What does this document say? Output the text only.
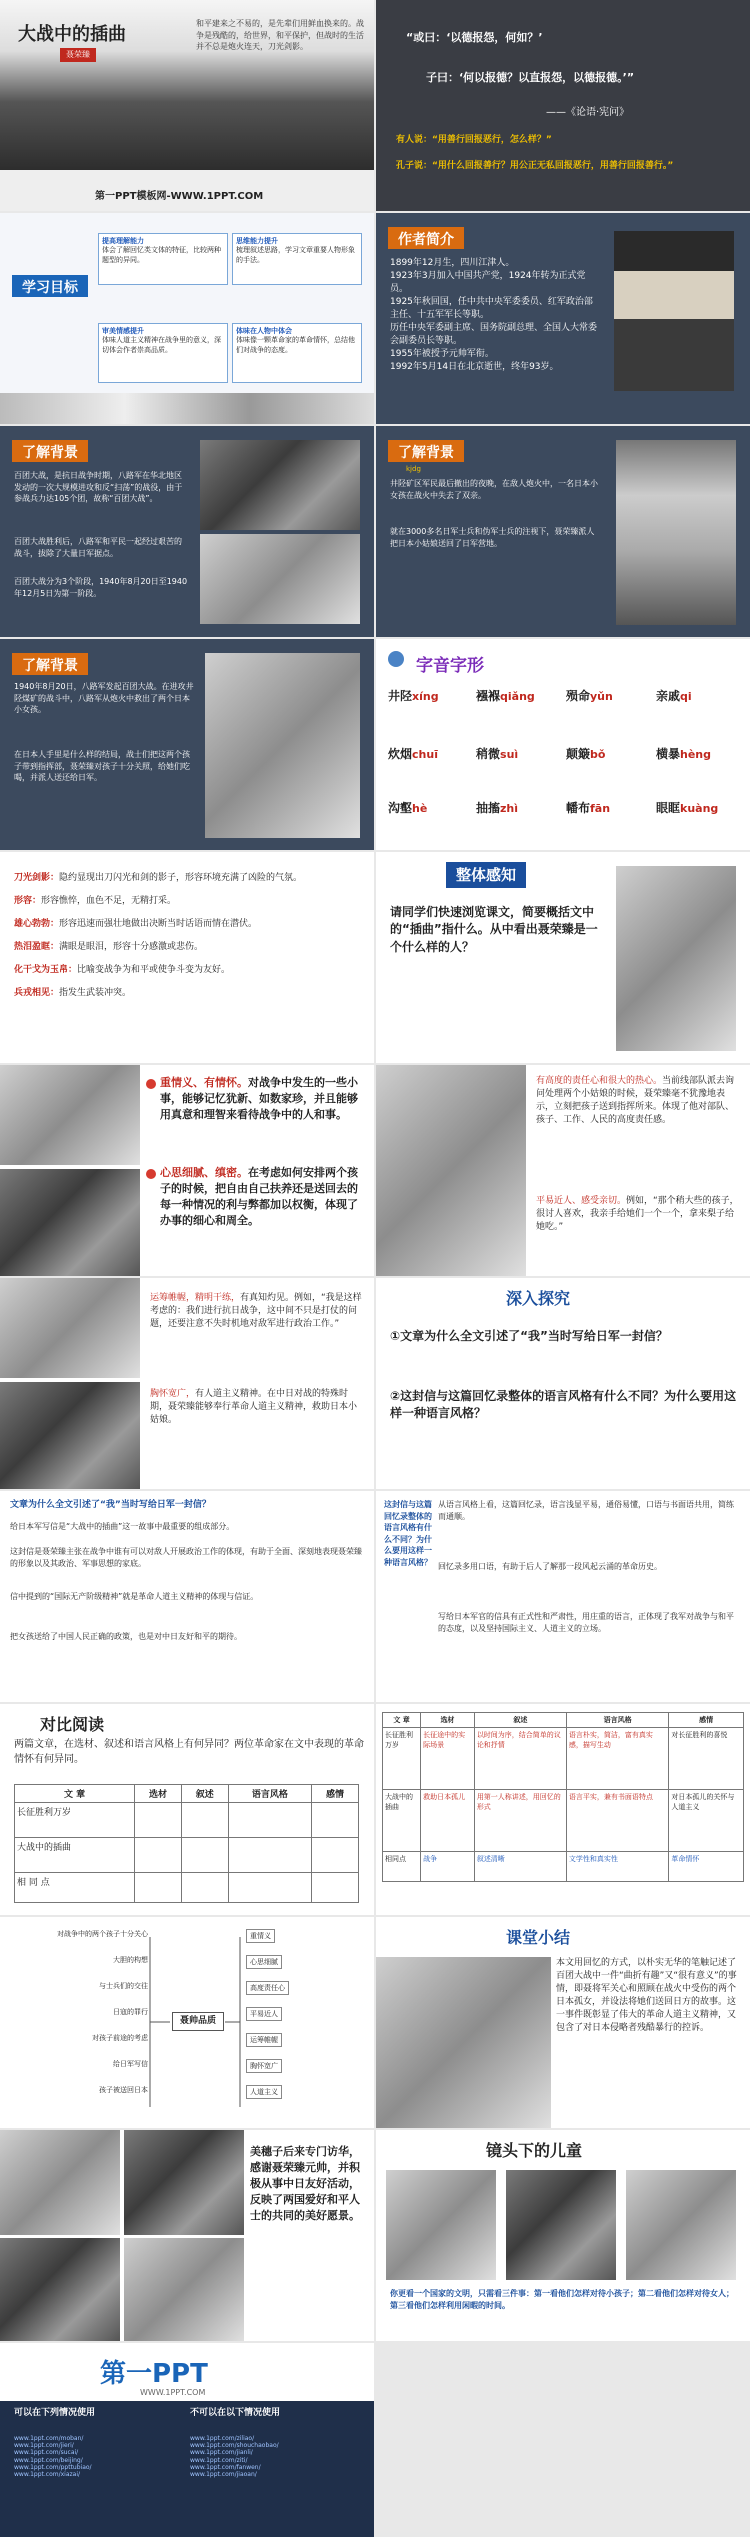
大战中的插曲
聂荣臻
和平建来之不易的，是先辈们用鲜血换来的。战争是残酷的，给世界，和平保护，但战时的生活并不总是炮火连天，刀光剑影。
第一PPT模板网-WWW.1PPT.COM
“或曰：‘以德报怨，何如？’
子曰：‘何以报德？以直报怨，以德报德。’”
——《论语·宪问》
有人说：“用善行回报恶行，怎么样？”
孔子说：“用什么回报善行？用公正无私回报恶行，用善行回报善行。”
学习目标
提高理解能力
体会了解回忆类文体的特征，比较两种题型的异同。
思维能力提升
梳理叙述思路，学习文章重要人物形象的手法。
审美情感提升
体味人道主义精神在战争里的意义，深切体会作者崇高品质。
体味在人物中体会
体味像一颗革命家的革命情怀，总结他们对战争的态度。
作者简介
1899年12月生，四川江津人。
1923年3月加入中国共产党，1924年转为正式党员。
1925年秋回国，任中共中央军委委员、红军政治部主任、十五军军长等职。
历任中央军委副主席、国务院副总理、全国人大常委会副委员长等职。
1955年被授予元帅军衔。
1992年5月14日在北京逝世，终年93岁。
了解背景
百团大战，是抗日战争时期，八路军在华北地区发动的一次大规模进攻和反“扫荡”的战役，由于参战兵力达105个团，故称“百团大战”。
百团大战胜利后，八路军和平民一起经过艰苦的战斗，拔除了大量日军据点。
百团大战分为3个阶段，1940年8月20日至1940年12月5日为第一阶段。
了解背景
kjdg
井陉矿区军民最后撤出的夜晚，在敌人炮火中，一名日本小女孩在战火中失去了双亲。
就在3000多名日军士兵和伪军士兵的注视下，聂荣臻派人把日本小姑娘送回了日军营地。
了解背景
1940年8月20日，八路军发起百团大战。在进攻井陉煤矿的战斗中，八路军从炮火中救出了两个日本小女孩。
在日本人手里是什么样的结局，战士们把这两个孩子带到指挥部，聂荣臻对孩子十分关照，给她们吃喝，并派人送还给日军。
字音字形
井陉xíng	襁褓qiǎng	殒命yǔn	亲戚qi
炊烟chuī	稍微suì	颠簸bǒ	横暴hèng
沟壑hè	抽搐zhì	幡布fān	眼眶kuàng
刀光剑影：隐约显现出刀闪光和剑的影子，形容环境充满了凶险的气氛。
形容：形容憔悴，血色不足，无精打采。
雄心勃勃：形容迅速而强壮地做出决断当时话语而情在潜伏。
热泪盈眶：满眼是眼泪，形容十分感激或悲伤。
化干戈为玉帛：比喻变战争为和平或使争斗变为友好。
兵戎相见：指发生武装冲突。
整体感知
请同学们快速浏览课文，简要概括文中的“插曲”指什么。从中看出聂荣臻是一个什么样的人？
重情义、有情怀。对战争中发生的一些小事，能够记忆犹新、如数家珍，并且能够用真意和理智来看待战争中的人和事。
心思细腻、缜密。在考虑如何安排两个孩子的时候，把自由自己扶养还是送回去的每一种情况的利与弊都加以权衡，体现了办事的细心和周全。
有高度的责任心和很大的热心。当前线部队派去询问处理两个小姑娘的时候，聂荣臻毫不犹豫地表示，立刻把孩子送到指挥所来。体现了他对部队、孩子、工作、人民的高度责任感。
平易近人、感受亲切。例如，“那个稍大些的孩子，很讨人喜欢，我亲手给她们一个一个，拿来梨子给她吃。”
运筹帷幄，精明干练，有真知灼见。例如，“我是这样考虑的：我们进行抗日战争，这中间不只是打仗的问题，还要注意不失时机地对敌军进行政治工作。”
胸怀宽广，有人道主义精神。在中日对战的特殊时期，聂荣臻能够奉行革命人道主义精神，救助日本小姑娘。
深入探究
①文章为什么全文引述了“我”当时写给日军一封信？
②这封信与这篇回忆录整体的语言风格有什么不同？为什么要用这样一种语言风格？
文章为什么全文引述了“我”当时写给日军一封信？
给日本军写信是“大战中的插曲”这一故事中最重要的组成部分。
这封信是聂荣臻主张在战争中谁有可以对敌人开展政治工作的体现，有助于全面、深刻地表现聂荣臻的形象以及其政治、军事思想的家底。
信中提到的“国际无产阶级精神”就是革命人道主义精神的体现与信证。
把女孩送给了中国人民正确的政策，也是对中日友好和平的期待。
这封信与这篇回忆录整体的语言风格有什么不同？为什么要用这样一种语言风格？
从语言风格上看，这篇回忆录，语言浅显平易，通俗易懂，口语与书面语共用，简练而通顺。
回忆录多用口语，有助于后人了解那一段风起云涌的革命历史。
写给日本军官的信具有正式性和严肃性，用庄重的语言，正体现了我军对战争与和平的态度，以及坚持国际主义、人道主义的立场。
对比阅读
两篇文章，在选材、叙述和语言风格上有何异同？两位革命家在文中表现的革命情怀有何异同。
文 章	选材	叙述	语言风格	感情
长征胜利万岁				
大战中的插曲				
相 同 点				
文 章	选材	叙述	语言风格	感情
长征胜利万岁	长征途中的实际场景	以时间为序，结合简单的议论和抒情	语言朴实，简洁，富有真实感，描写生动	对长征胜利的喜悦
大战中的插曲	救助日本孤儿	用第一人称讲述，用回忆的形式	语言平实，兼有书面语特点	对日本孤儿的关怀与人道主义
相同点	战争	叙述清晰	文学性和真实性	革命情怀
对战争中的两个孩子十分关心
大胆的构想
与士兵们的交往
日寇的罪行
对孩子前途的考虑
给日军写信
孩子被送回日本
聂帅品质
重情义
心思细腻
高度责任心
平易近人
运筹帷幄
胸怀宽广
人道主义
课堂小结
本文用回忆的方式，以朴实无华的笔触记述了百团大战中一件“曲折有趣”又“很有意义”的事情，即聂将军关心和照顾在战火中受伤的两个日本孤女，并设法将她们送回日方的故事。这一事件既彰显了伟大的革命人道主义精神，又包含了对日本侵略者残酷暴行的控诉。
美穗子后来专门访华，感谢聂荣臻元帅，并积极从事中日友好活动，反映了两国爱好和平人士的共同的美好愿景。
镜头下的儿童
你更看一个国家的文明，只需看三件事：第一看他们怎样对待小孩子；第二看他们怎样对待女人；第三看他们怎样利用闲暇的时间。
第一PPT
WWW.1PPT.COM
可以在下列情况使用	不可以在以下情况使用
www.1ppt.com/moban/
www.1ppt.com/jieri/
www.1ppt.com/sucai/
www.1ppt.com/beijing/
www.1ppt.com/ppttubiao/
www.1ppt.com/xiazai/
www.1ppt.com/ziliao/
www.1ppt.com/shouchaobao/
www.1ppt.com/jianli/
www.1ppt.com/ziti/
www.1ppt.com/fanwen/
www.1ppt.com/jiaoan/
